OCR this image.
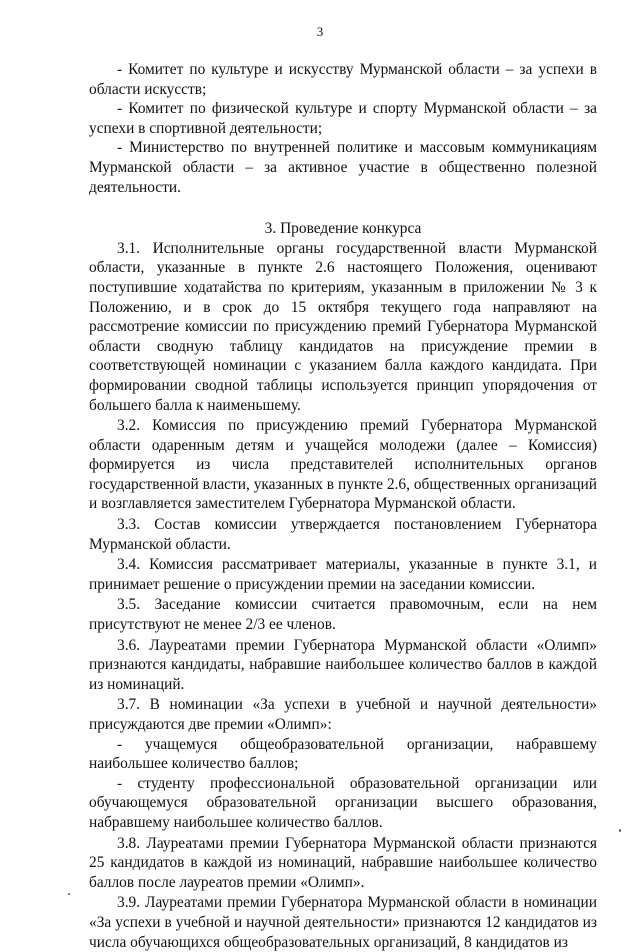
3

- Комитет по культуре и искусству Мурманской области – за успехи в области искусств;

- Комитет по физической культуре и спорту Мурманской области – за успехи в спортивной деятельности;

- Министерство по внутренней политике и массовым коммуникациям Мурманской области – за активное участие в общественно полезной деятельности.

3. Проведение конкурса

3.1. Исполнительные органы государственной власти Мурманской области, указанные в пункте 2.6 настоящего Положения, оценивают поступившие ходатайства по критериям, указанным в приложении № 3 к Положению, и в срок до 15 октября текущего года направляют на рассмотрение комиссии по присуждению премий Губернатора Мурманской области сводную таблицу кандидатов на присуждение премии в соответствующей номинации с указанием балла каждого кандидата. При формировании сводной таблицы используется принцип упорядочения от большего балла к наименьшему.

3.2. Комиссия по присуждению премий Губернатора Мурманской области одаренным детям и учащейся молодежи (далее – Комиссия) формируется из числа представителей исполнительных органов государственной власти, указанных в пункте 2.6, общественных организаций и возглавляется заместителем Губернатора Мурманской области.

3.3. Состав комиссии утверждается постановлением Губернатора Мурманской области.

3.4. Комиссия рассматривает материалы, указанные в пункте 3.1, и принимает решение о присуждении премии на заседании комиссии.

3.5. Заседание комиссии считается правомочным, если на нем присутствуют не менее 2/3 ее членов.

3.6. Лауреатами премии Губернатора Мурманской области «Олимп» признаются кандидаты, набравшие наибольшее количество баллов в каждой из номинаций.

3.7. В номинации «За успехи в учебной и научной деятельности» присуждаются две премии «Олимп»:

- учащемуся общеобразовательной организации, набравшему наибольшее количество баллов;

- студенту профессиональной образовательной организации или обучающемуся образовательной организации высшего образования, набравшему наибольшее количество баллов.

3.8. Лауреатами премии Губернатора Мурманской области признаются 25 кандидатов в каждой из номинаций, набравшие наибольшее количество баллов после лауреатов премии «Олимп».

3.9. Лауреатами премии Губернатора Мурманской области в номинации «За успехи в учебной и научной деятельности» признаются 12 кандидатов из числа обучающихся общеобразовательных организаций, 8 кандидатов из
